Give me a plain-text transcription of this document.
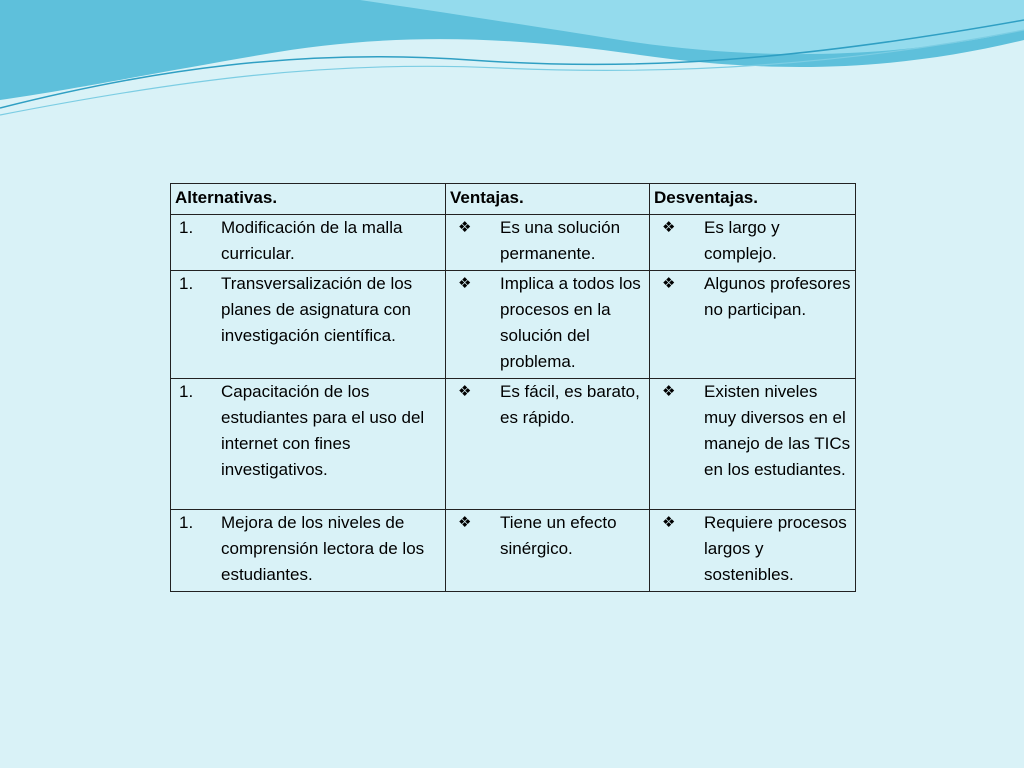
Alternativas.	Ventajas.	Desventajas.

1. Modificación de la malla curricular.	❖ Es una solución permanente.	❖ Es largo y complejo.

1. Transversalización de los planes de asignatura con investigación científica.	❖ Implica a todos los procesos en la solución del problema.	❖ Algunos profesores no participan.

1. Capacitación de los estudiantes para el uso del internet con fines investigativos.	❖ Es fácil, es barato, es rápido.	❖ Existen niveles muy diversos en el manejo de las TICs en los estudiantes.

1. Mejora de los niveles de comprensión lectora de los estudiantes.	❖ Tiene un efecto sinérgico.	❖ Requiere procesos largos y sostenibles.
